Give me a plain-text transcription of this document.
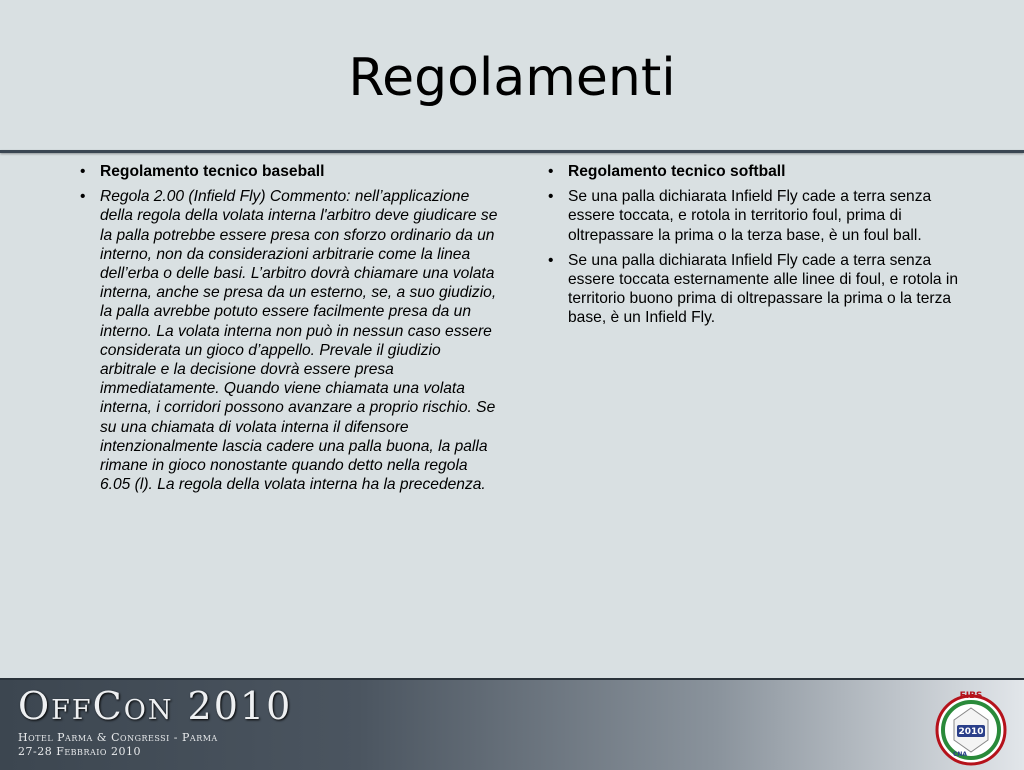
Regolamenti
• Regolamento tecnico baseball
• Regola 2.00 (Infield Fly) Commento: nell’applicazione della regola della volata interna l'arbitro deve giudicare se la palla potrebbe essere presa con sforzo ordinario da un interno, non da considerazioni arbitrarie come la linea dell’erba o delle basi. L’arbitro dovrà chiamare una volata interna, anche se presa da un esterno, se, a suo giudizio, la palla avrebbe potuto essere facilmente presa da un interno. La volata interna non può in nessun caso essere considerata un gioco d’appello. Prevale il giudizio arbitrale e la decisione dovrà essere presa immediatamente. Quando viene chiamata una volata interna, i corridori possono avanzare a proprio rischio. Se su una chiamata di volata interna il difensore intenzionalmente lascia cadere una palla buona, la palla rimane in gioco nonostante quando detto nella regola 6.05 (l). La regola della volata interna ha la precedenza.
• Regolamento tecnico softball
• Se una palla dichiarata Infield Fly cade a terra senza essere toccata, e rotola in territorio foul, prima di oltrepassare la prima o la terza base, è un foul ball.
• Se una palla dichiarata Infield Fly cade a terra senza essere toccata esternamente alle linee di foul, e rotola in territorio buono prima di oltrepassare la prima o la terza base, è un Infield Fly.
OffCon 2010
Hotel Parma & Congressi - Parma
27-28 Febbraio 2010
2010
FIBS
CNA
